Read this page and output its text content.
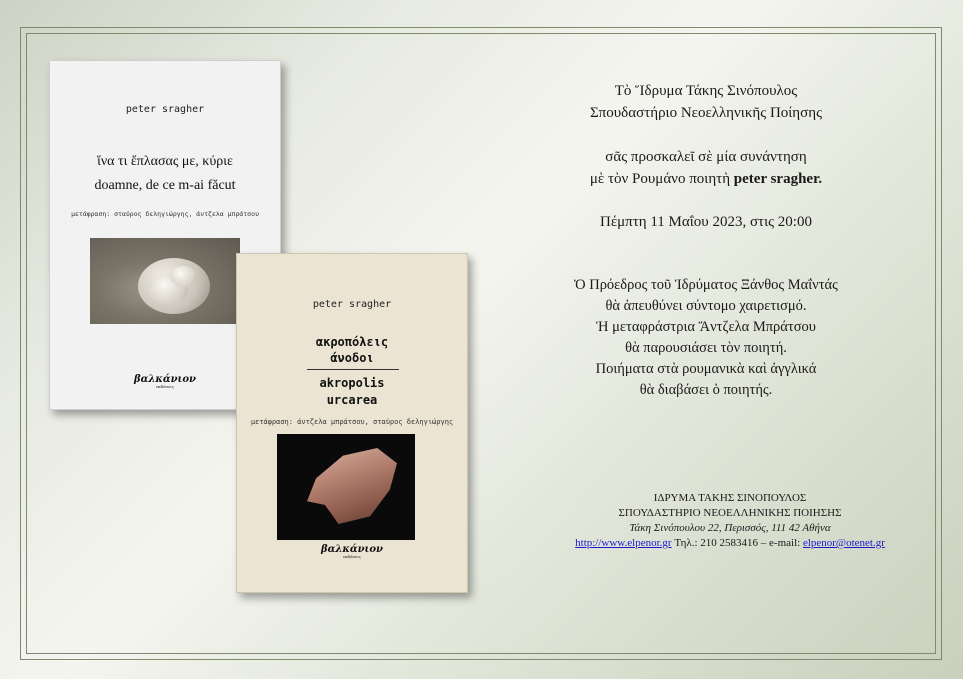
peter sragher
ἵνα τι ἔπλασας με, κύριε
doamne, de ce m-ai făcut
μετάφραση: σταύρος δεληγιώργης, άντζελα μπράτσου
βαλκάνιον
εκδόσεις
peter sragher
ακροπόλεις
άνοδοι
akropolis
urcarea
μετάφραση: άντζελα μπράτσου, σταύρος δεληγιώργης
βαλκάνιον
εκδόσεις
Τὸ Ἵδρυμα Τάκης Σινόπουλος
Σπουδαστήριο Νεοελληνικῆς Ποίησης
σᾶς προσκαλεῖ σὲ μία συνάντηση
μὲ τὸν Ρουμάνο ποιητὴ peter sragher.
Πέμπτη 11 Μαΐου 2023, στις 20:00
Ὁ Πρόεδρος τοῦ Ἱδρύματος Ξάνθος Μαΐντάς
θὰ ἀπευθύνει σύντομο χαιρετισμό.
Ἡ μεταφράστρια Ἄντζελα Μπράτσου
θὰ παρουσιάσει τὸν ποιητή.
Ποιήματα στὰ ρουμανικὰ καὶ ἀγγλικά
θὰ διαβάσει ὁ ποιητής.
ΙΔΡΥΜΑ ΤΑΚΗΣ ΣΙΝΟΠΟΥΛΟΣ
ΣΠΟΥΔΑΣΤΗΡΙΟ ΝΕΟΕΛΛΗΝΙΚΗΣ ΠΟΙΗΣΗΣ
Τάκη Σινόπουλου 22, Περισσός, 111 42 Αθήνα
http://www.elpenor.gr Τηλ.: 210 2583416 – e-mail: elpenor@otenet.gr
